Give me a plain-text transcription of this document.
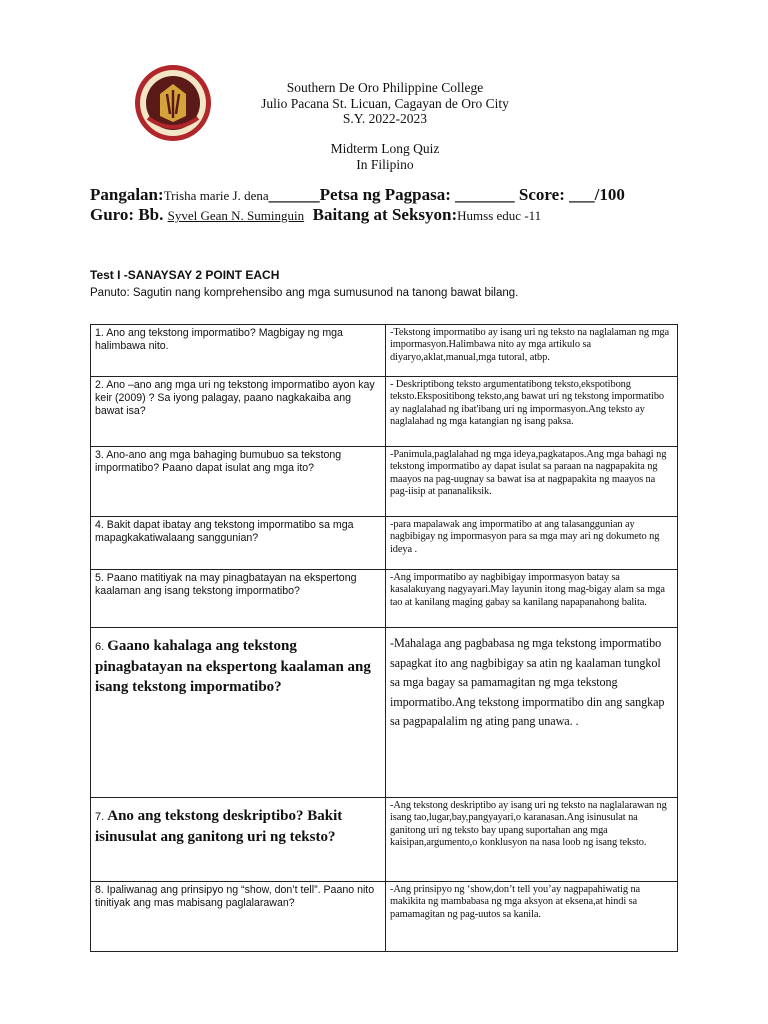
Southern De Oro Philippine College
Julio Pacana St. Licuan, Cagayan de Oro City
S.Y. 2022-2023
Midterm Long Quiz
In Filipino
Pangalan:Trisha marie J. dena______Petsa ng Pagpasa: _______ Score: ___/100
Guro: Bb. Syvel Gean N. Suminguin Baitang at Seksyon:Humss educ -11
Test I -SANAYSAY 2 POINT EACH
Panuto: Sagutin nang komprehensibo ang mga sumusunod na tanong bawat bilang.
1. Ano ang tekstong impormatibo? Magbigay ng mga halimbawa nito.	-Tekstong impormatibo ay isang uri ng teksto na naglalaman ng mga impormasyon.Halimbawa nito ay mga artikulo sa diyaryo,aklat,manual,mga tutoral, atbp.
2. Ano –ano ang mga uri ng tekstong impormatibo ayon kay keir (2009) ? Sa iyong palagay, paano nagkakaiba ang bawat isa?	- Deskriptibong teksto argumentatibong teksto,ekspotibong teksto.Ekspositibong teksto,ang bawat uri ng tekstong impormatibo ay naglalahad ng ibat'ibang uri ng impormasyon.Ang teksto ay naglalahad ng mga katangian ng isang paksa.
3. Ano-ano ang mga bahaging bumubuo sa tekstong impormatibo? Paano dapat isulat ang mga ito?	-Panimula,paglalahad ng mga ideya,pagkatapos.Ang mga bahagi ng tekstong impormatibo ay dapat isulat sa paraan na nagpapakita ng maayos na pag-uugnay sa bawat isa at nagpapakita ng maayos na pag-iisip at pananaliksik.
4. Bakit dapat ibatay ang tekstong impormatibo sa mga mapagkakatiwalaang sanggunian?	-para mapalawak ang impormatibo at ang talasanggunian ay nagbibigay ng impormasyon para sa mga may ari ng dokumeto ng ideya .
5. Paano matitiyak na may pinagbatayan na ekspertong kaalaman ang isang tekstong impormatibo?	-Ang impormatibo ay nagbibigay impormasyon batay sa kasalakuyang nagyayari.May layunin itong mag-bigay alam sa mga tao at kanilang maging gabay sa kanilang napapanahong balita.
6. Gaano kahalaga ang tekstong pinagbatayan na ekspertong kaalaman ang isang tekstong impormatibo?	-Mahalaga ang pagbabasa ng mga tekstong impormatibo sapagkat ito ang nagbibigay sa atin ng kaalaman tungkol sa mga bagay sa pamamagitan ng mga tekstong impormatibo.Ang tekstong impormatibo din ang sangkap sa pagpapalalim ng ating pang unawa. .
7. Ano ang tekstong deskriptibo? Bakit isinusulat ang ganitong uri ng teksto?	-Ang tekstong deskriptibo ay isang uri ng teksto na naglalarawan ng isang tao,lugar,bay,pangyayari,o karanasan.Ang isinusulat na ganitong uri ng teksto bay upang suportahan ang mga kaisipan,argumento,o konklusyon na nasa loob ng isang teksto.
8. Ipaliwanag ang prinsipyo ng “show, don’t tell”. Paano nito tinitiyak ang mas mabisang paglalarawan?	-Ang prinsipyo ng ‘show,don’t tell you’ay nagpapahiwatig na makikita ng mambabasa ng mga aksyon at eksena,at hindi sa pamamagitan ng pag-uutos sa kanila.
